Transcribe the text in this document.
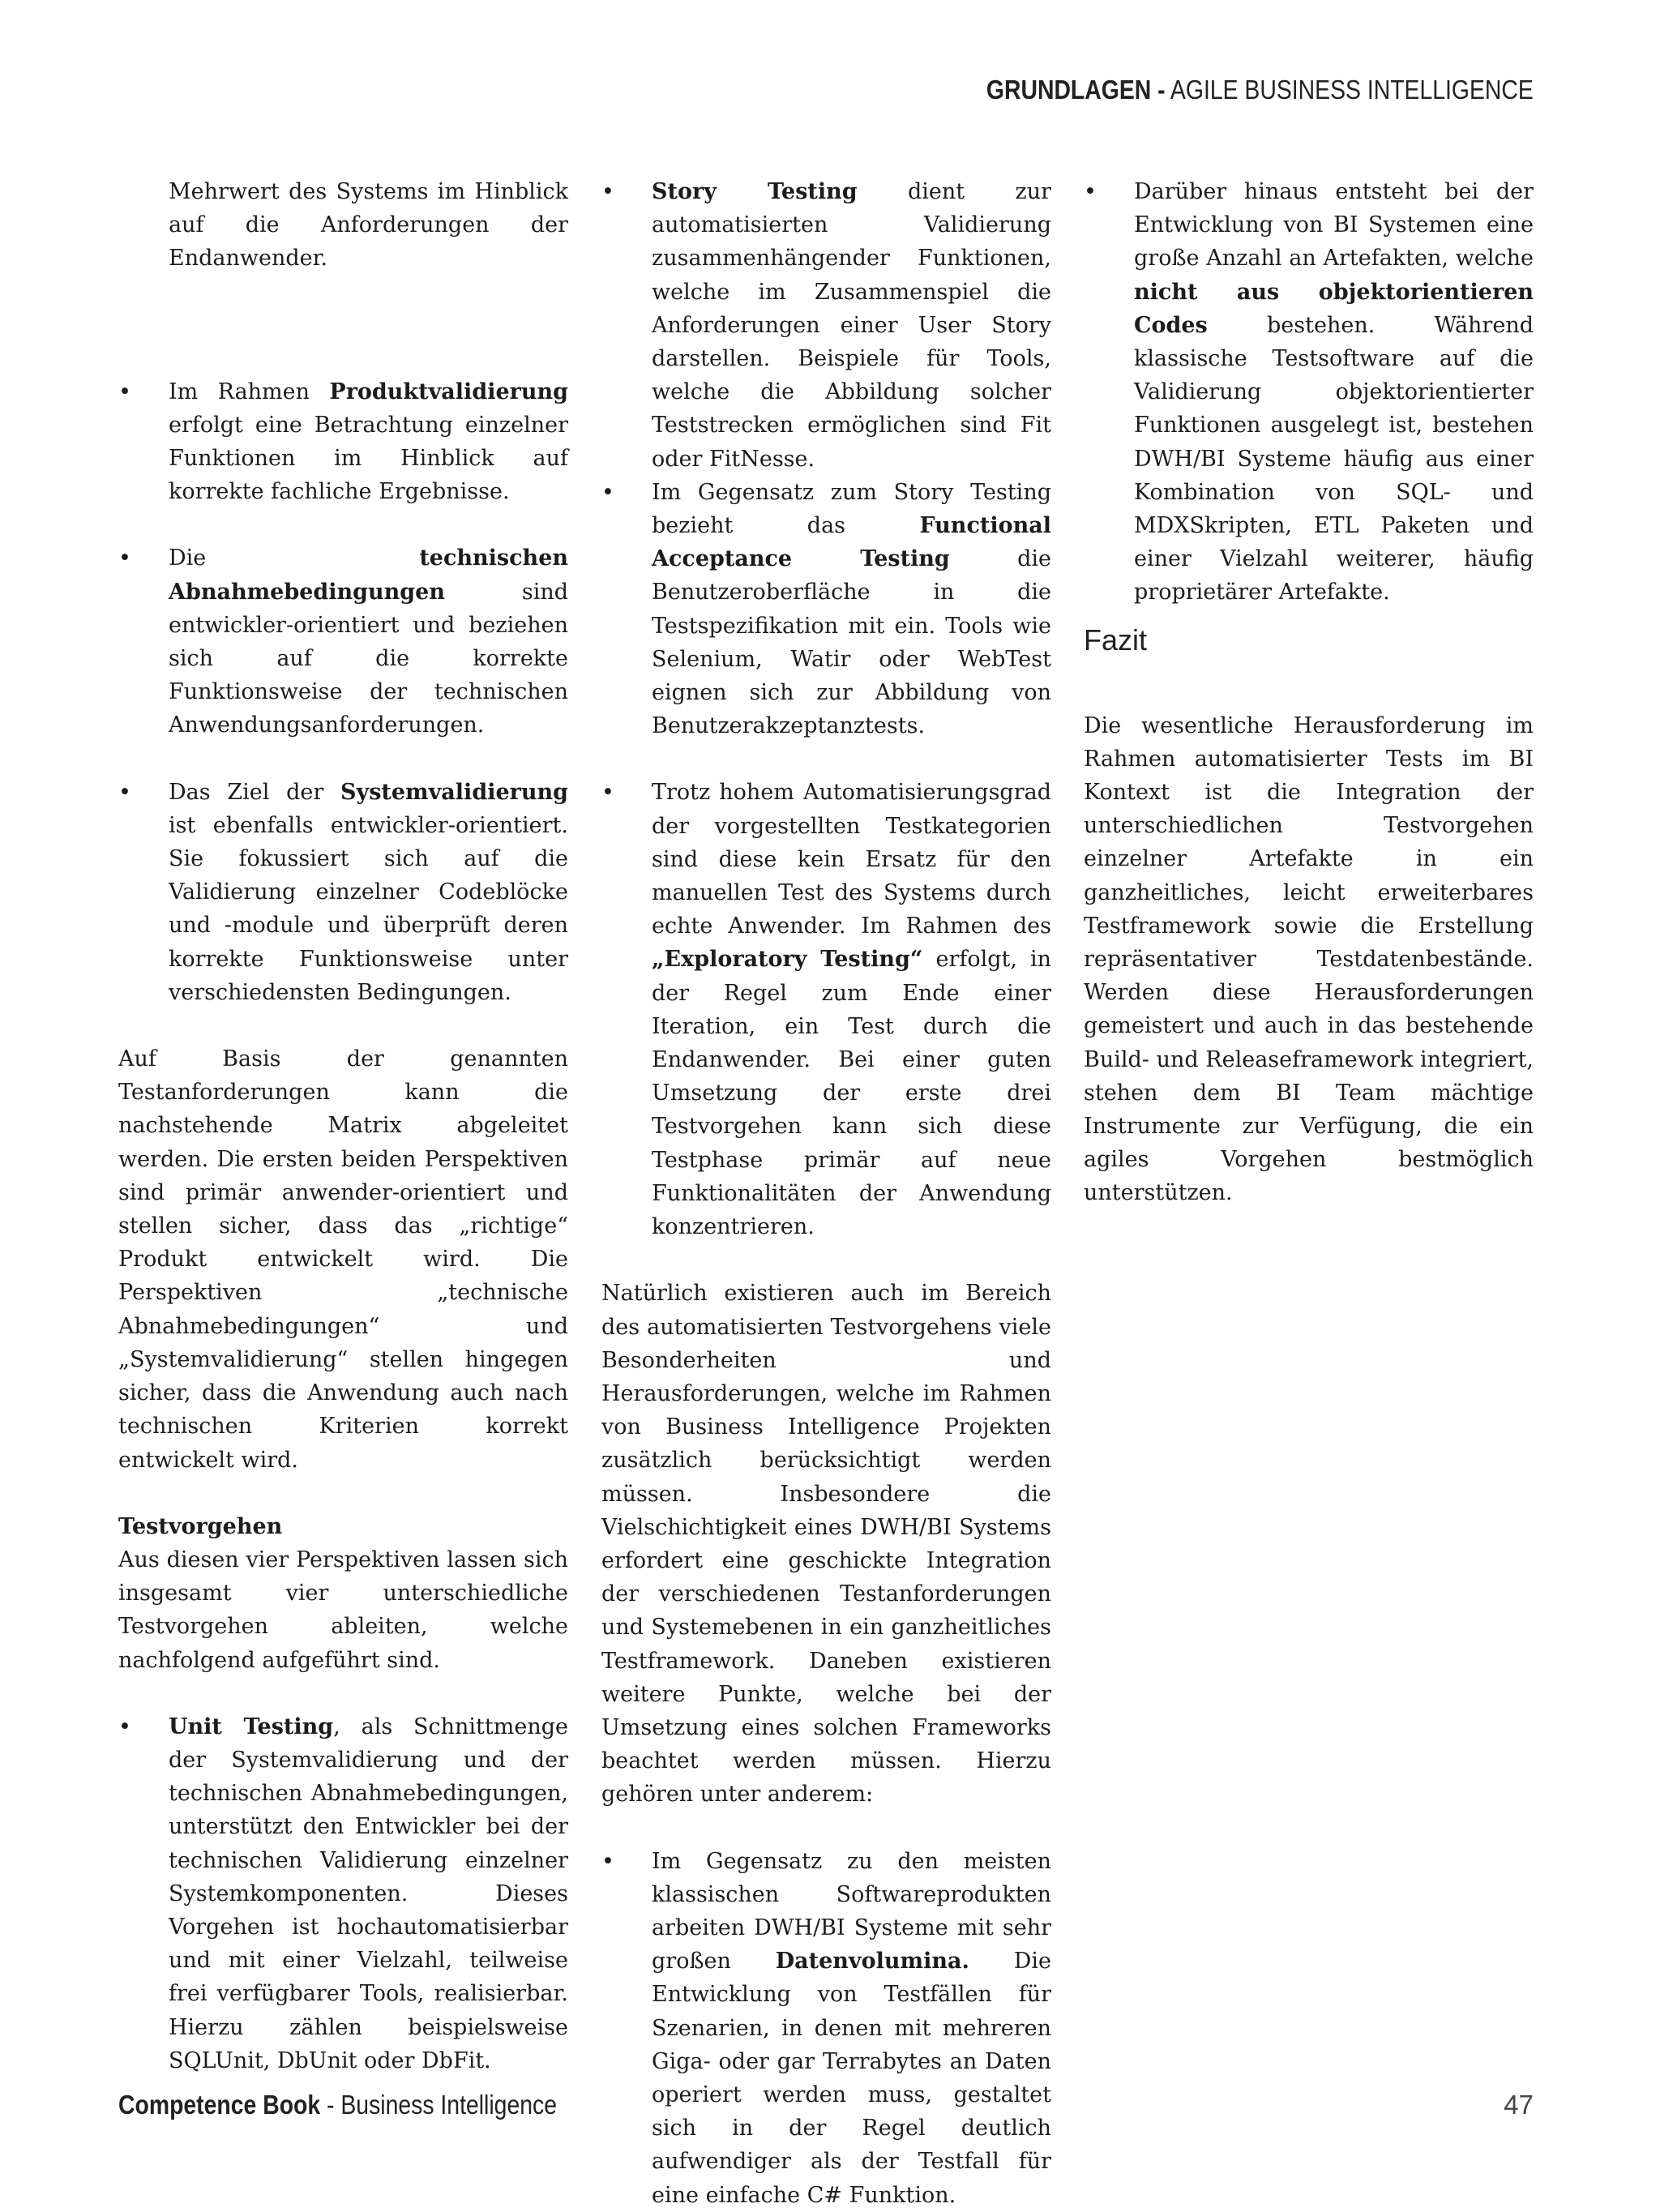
GRUNDLAGEN - AGILE BUSINESS INTELLIGENCE

Mehrwert des Systems im Hinblick auf die Anforderungen der Endanwender.

• Im Rahmen Produktvalidierung erfolgt eine Betrachtung einzelner Funktionen im Hinblick auf korrekte fachliche Ergebnisse.

• Die technischen Abnahmebedingungen sind entwickler-orientiert und beziehen sich auf die korrekte Funktionsweise der technischen Anwendungsanforderungen.

• Das Ziel der Systemvalidierung ist ebenfalls entwickler-orientiert. Sie fokussiert sich auf die Validierung einzelner Codeblöcke und -module und überprüft deren korrekte Funktionsweise unter verschiedensten Bedingungen.

Auf Basis der genannten Testanforderungen kann die nachstehende Matrix abgeleitet werden. Die ersten beiden Perspektiven sind primär anwender-orientiert und stellen sicher, dass das „richtige“ Produkt entwickelt wird. Die Perspektiven „technische Abnahmebedingungen“ und „Systemvalidierung“ stellen hingegen sicher, dass die Anwendung auch nach technischen Kriterien korrekt entwickelt wird.

Testvorgehen

Aus diesen vier Perspektiven lassen sich insgesamt vier unterschiedliche Testvorgehen ableiten, welche nachfolgend aufgeführt sind.

• Unit Testing, als Schnittmenge der Systemvalidierung und der technischen Abnahmebedingungen, unterstützt den Entwickler bei der technischen Validierung einzelner Systemkomponenten. Dieses Vorgehen ist hochautomatisierbar und mit einer Vielzahl, teilweise frei verfügbarer Tools, realisierbar. Hierzu zählen beispielsweise SQLUnit, DbUnit oder DbFit.

• Story Testing dient zur automatisierten Validierung zusammenhängender Funktionen, welche im Zusammenspiel die Anforderungen einer User Story darstellen. Beispiele für Tools, welche die Abbildung solcher Teststrecken ermöglichen sind Fit oder FitNesse.

• Im Gegensatz zum Story Testing bezieht das Functional Acceptance Testing die Benutzeroberfläche in die Testspezifikation mit ein. Tools wie Selenium, Watir oder WebTest eignen sich zur Abbildung von Benutzerakzeptanztests.

• Trotz hohem Automatisierungsgrad der vorgestellten Testkategorien sind diese kein Ersatz für den manuellen Test des Systems durch echte Anwender. Im Rahmen des „Exploratory Testing“ erfolgt, in der Regel zum Ende einer Iteration, ein Test durch die Endanwender. Bei einer guten Umsetzung der erste drei Testvorgehen kann sich diese Testphase primär auf neue Funktionalitäten der Anwendung konzentrieren.

Natürlich existieren auch im Bereich des automatisierten Testvorgehens viele Besonderheiten und Herausforderungen, welche im Rahmen von Business Intelligence Projekten zusätzlich berücksichtigt werden müssen. Insbesondere die Vielschichtigkeit eines DWH/BI Systems erfordert eine geschickte Integration der verschiedenen Testanforderungen und Systemebenen in ein ganzheitliches Testframework. Daneben existieren weitere Punkte, welche bei der Umsetzung eines solchen Frameworks beachtet werden müssen. Hierzu gehören unter anderem:

• Im Gegensatz zu den meisten klassischen Softwareprodukten arbeiten DWH/BI Systeme mit sehr großen Datenvolumina. Die Entwicklung von Testfällen für Szenarien, in denen mit mehreren Giga- oder gar Terrabytes an Daten operiert werden muss, gestaltet sich in der Regel deutlich aufwendiger als der Testfall für eine einfache C# Funktion.

• Darüber hinaus entsteht bei der Entwicklung von BI Systemen eine große Anzahl an Artefakten, welche nicht aus objektorientieren Codes bestehen. Während klassische Testsoftware auf die Validierung objektorientierter Funktionen ausgelegt ist, bestehen DWH/BI Systeme häufig aus einer Kombination von SQL- und MDXSkripten, ETL Paketen und einer Vielzahl weiterer, häufig proprietärer Artefakte.

Fazit

Die wesentliche Herausforderung im Rahmen automatisierter Tests im BI Kontext ist die Integration der unterschiedlichen Testvorgehen einzelner Artefakte in ein ganzheitliches, leicht erweiterbares Testframework sowie die Erstellung repräsentativer Testdatenbestände. Werden diese Herausforderungen gemeistert und auch in das bestehende Build- und Releaseframework integriert, stehen dem BI Team mächtige Instrumente zur Verfügung, die ein agiles Vorgehen bestmöglich unterstützen.

Competence Book - Business Intelligence	47
